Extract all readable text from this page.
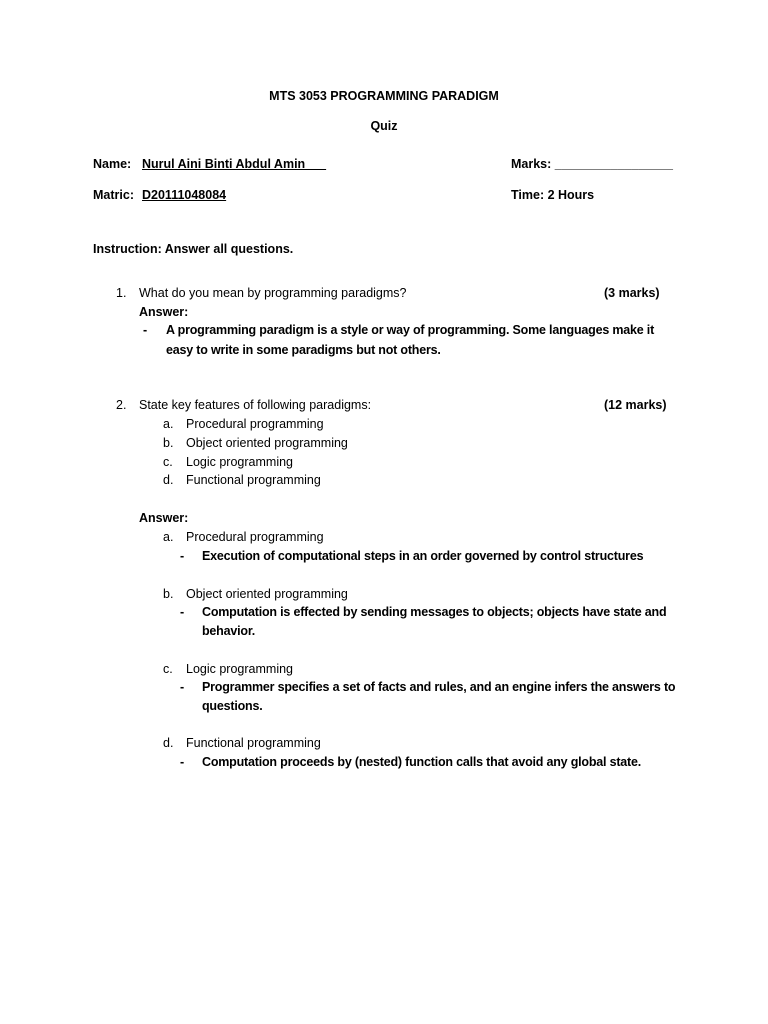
MTS 3053 PROGRAMMING PARADIGM
Quiz
Name: Nurul Aini Binti Abdul Amin___	Marks: _________________
Matric: D20111048084	Time: 2 Hours
Instruction: Answer all questions.
1. What do you mean by programming paradigms?	(3 marks)
Answer:
- A programming paradigm is a style or way of programming. Some languages make it
easy to write in some paradigms but not others.
2. State key features of following paradigms:	(12 marks)
a. Procedural programming
b. Object oriented programming
c. Logic programming
d. Functional programming
Answer:
a. Procedural programming
- Execution of computational steps in an order governed by control structures
b. Object oriented programming
- Computation is effected by sending messages to objects; objects have state and
behavior.
c. Logic programming
- Programmer specifies a set of facts and rules, and an engine infers the answers to
questions.
d. Functional programming
- Computation proceeds by (nested) function calls that avoid any global state.
